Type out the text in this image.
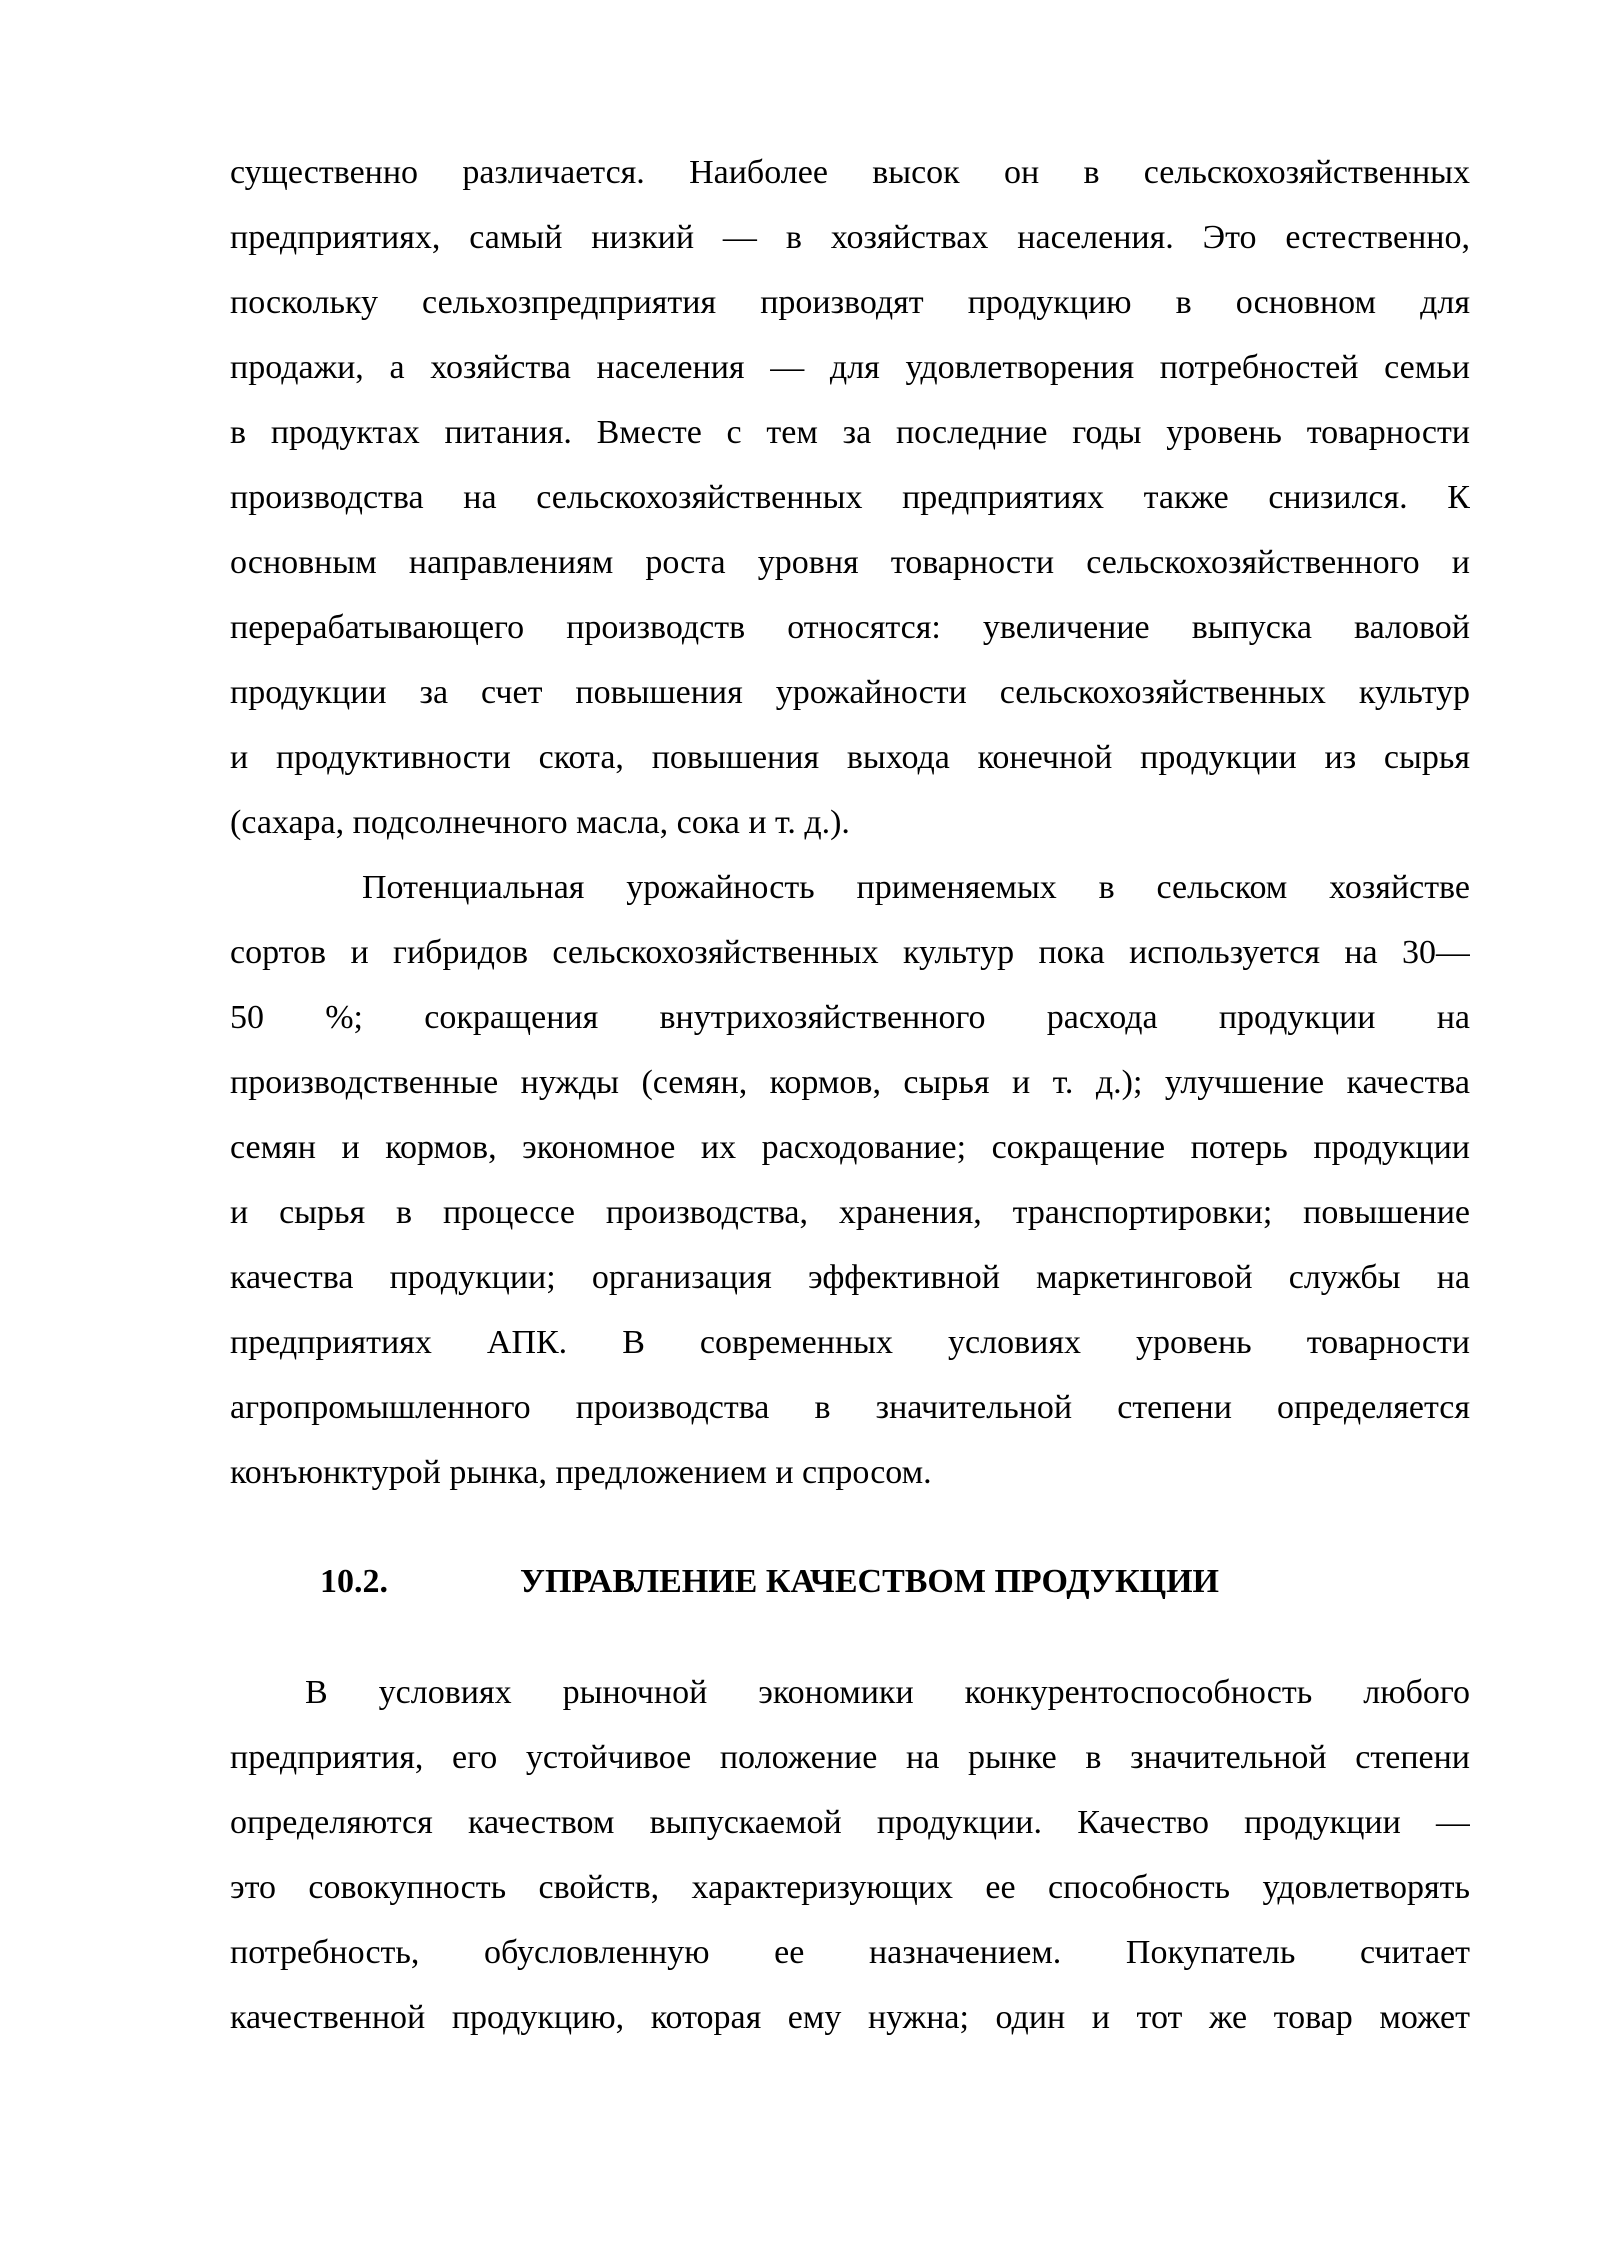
существенно различается. Наиболее высок он в сельскохозяйственных
предприятиях, самый низкий — в хозяйствах населения. Это естественно,
поскольку сельхозпредприятия производят продукцию в основном для
продажи, а хозяйства населения — для удовлетворения потребностей семьи
в продуктах питания. Вместе с тем за последние годы уровень товарности
производства на сельскохозяйственных предприятиях также снизился. К
основным направлениям роста уровня товарности сельскохозяйственного и
перерабатывающего производств относятся: увеличение выпуска валовой
продукции за счет повышения урожайности сельскохозяйственных культур
и продуктивности скота, повышения выхода конечной продукции из сырья
(сахара, подсолнечного масла, сока и т. д.).
Потенциальная урожайность применяемых в сельском хозяйстве
сортов и гибридов сельскохозяйственных культур пока используется на 30—
50 %; сокращения внутрихозяйственного расхода продукции на
производственные нужды (семян, кормов, сырья и т. д.); улучшение качества
семян и кормов, экономное их расходование; сокращение потерь продукции
и сырья в процессе производства, хранения, транспортировки; повышение
качества продукции; организация эффективной маркетинговой службы на
предприятиях АПК. В современных условиях уровень товарности
агропромышленного производства в значительной степени определяется
конъюнктурой рынка, предложением и спросом.
10.2.	УПРАВЛЕНИЕ КАЧЕСТВОМ ПРОДУКЦИИ
В условиях рыночной экономики конкурентоспособность любого
предприятия, его устойчивое положение на рынке в значительной степени
определяются качеством выпускаемой продукции. Качество продукции —
это совокупность свойств, характеризующих ее способность удовлетворять
потребность, обусловленную ее назначением. Покупатель считает
качественной продукцию, которая ему нужна; один и тот же товар может
